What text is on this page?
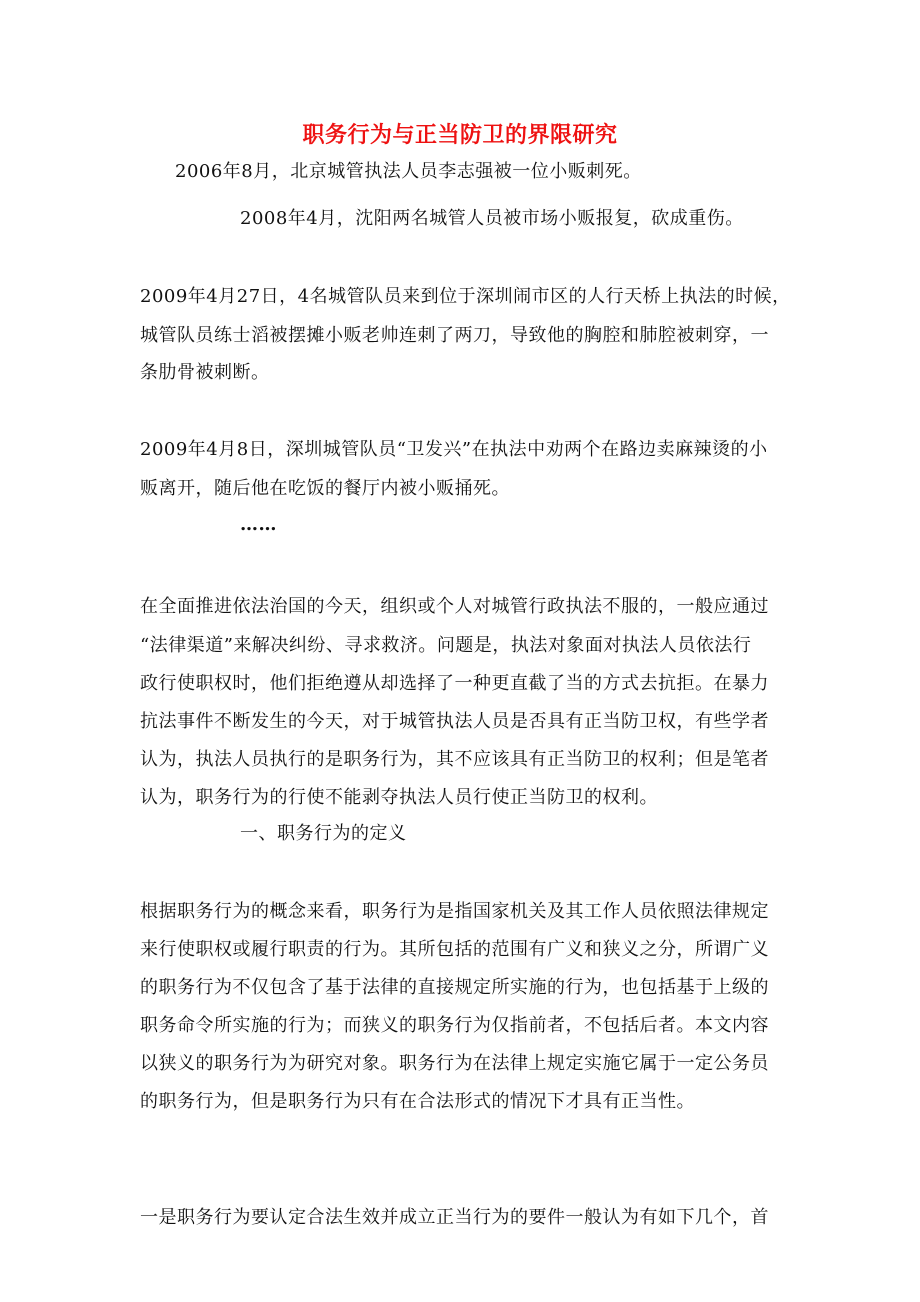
职务行为与正当防卫的界限研究
2006年8月，北京城管执法人员李志强被一位小贩刺死。
2008年4月，沈阳两名城管人员被市场小贩报复，砍成重伤。
2009年4月27日，4名城管队员来到位于深圳闹市区的人行天桥上执法的时候，
城管队员练士滔被摆摊小贩老帅连刺了两刀，导致他的胸腔和肺腔被刺穿，一
条肋骨被刺断。
2009年4月8日，深圳城管队员“卫发兴”在执法中劝两个在路边卖麻辣烫的小
贩离开，随后他在吃饭的餐厅内被小贩捅死。
……
在全面推进依法治国的今天，组织或个人对城管行政执法不服的，一般应通过
“法律渠道”来解决纠纷、寻求救济。问题是，执法对象面对执法人员依法行
政行使职权时，他们拒绝遵从却选择了一种更直截了当的方式去抗拒。在暴力
抗法事件不断发生的今天，对于城管执法人员是否具有正当防卫权，有些学者
认为，执法人员执行的是职务行为，其不应该具有正当防卫的权利；但是笔者
认为，职务行为的行使不能剥夺执法人员行使正当防卫的权利。
一、职务行为的定义
根据职务行为的概念来看，职务行为是指国家机关及其工作人员依照法律规定
来行使职权或履行职责的行为。其所包括的范围有广义和狭义之分，所谓广义
的职务行为不仅包含了基于法律的直接规定所实施的行为，也包括基于上级的
职务命令所实施的行为；而狭义的职务行为仅指前者，不包括后者。本文内容
以狭义的职务行为为研究对象。职务行为在法律上规定实施它属于一定公务员
的职务行为，但是职务行为只有在合法形式的情况下才具有正当性。
一是职务行为要认定合法生效并成立正当行为的要件一般认为有如下几个，首
